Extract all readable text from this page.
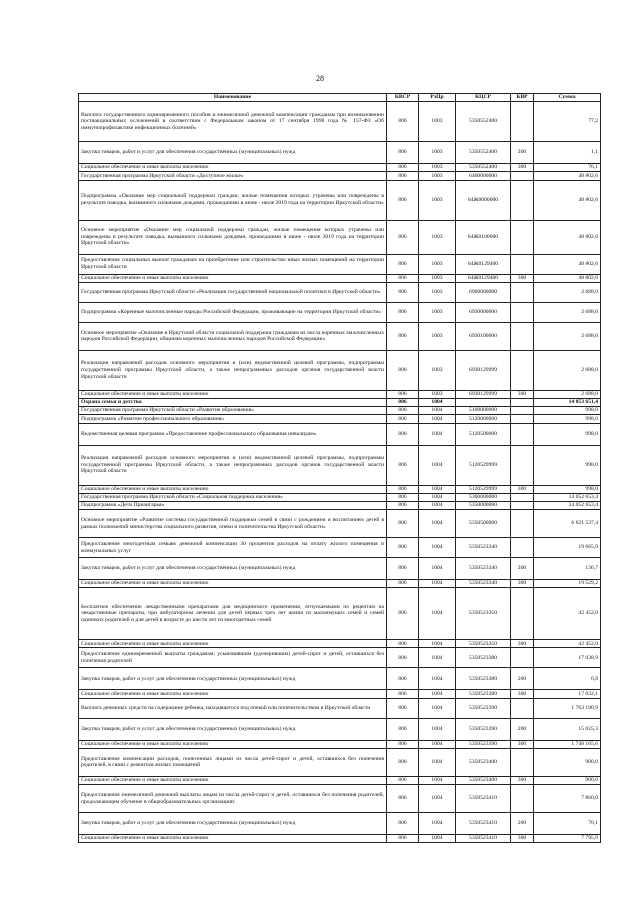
28
Наименование	КВСР	РзПр	КЦСР	КВР	Сумма
Выплата государственного единовременного пособия и ежемесячной денежной компенсации гражданам при возникновении поствакцинальных осложнений в соответствии с Федеральным законом от 17 сентября 1998 года № 157-ФЗ «Об иммунопрофилактике инфекционных болезней»	806	1003	5350552400		77,2
Закупка товаров, работ и услуг для обеспечения государственных (муниципальных) нужд	806	1003	5350552400	200	1,1
Социальное обеспечение и иные выплаты населению	806	1003	5350552400	300	76,1
Государственная программа Иркутской области «Доступное жилье»	806	1003	6400000000		48 802,6
Подпрограмма «Оказание мер социальной поддержки граждан, жилые помещения которых утрачены или повреждены в результате паводка, вызванного сильными дождями, прошедшими в июне - июле 2019 года на территории Иркутской области»	806	1003	64Ж0000000		48 802,6
Основное мероприятие «Оказание мер социальной поддержки граждан, жилые помещения которых утрачены или повреждены в результате паводка, вызванного сильными дождями, прошедшими в июне - июле 2019 года на территории Иркутской области»	806	1003	64Ж0100000		48 802,6
Предоставление социальных выплат гражданам на приобретение или строительство иных жилых помещений на территории Иркутской области	806	1003	64Ж0129400		48 802,6
Социальное обеспечение и иные выплаты населению	806	1003	64Ж0129400	300	48 802,6
Государственная программа Иркутской области «Реализация государственной национальной политики в Иркутской области»	806	1003	6900000000		2 688,0
Подпрограмма «Коренные малочисленные народы Российской Федерации, проживающие на территории Иркутской области»	806	1003	6930000000		2 688,0
Основное мероприятие «Оказание в Иркутской области социальной поддержки гражданам из числа коренных малочисленных народов Российской Федерации, общинам коренных малочисленных народов Российской Федерации»	806	1003	6930100000		2 688,0
Реализация направлений расходов основного мероприятия и (или) ведомственной целевой программы, подпрограммы государственной программы Иркутской области, а также непрограммных расходов органов государственной власти Иркутской области	806	1003	6930129999		2 688,0
Социальное обеспечение и иные выплаты населению	806	1003	6930129999	300	2 688,0
Охрана семьи и детства	806	1004			14 053 651,4
Государственная программа Иркутской области «Развитие образования»	806	1004	5100000000		998,0
Подпрограмма «Развитие профессионального образования»	806	1004	5120000000		998,0
Ведомственная целевая программа «Предоставление профессионального образования инвалидам»	806	1004	5120500000		998,0
Реализация направлений расходов основного мероприятия и (или) ведомственной целевой программы, подпрограммы государственной программы Иркутской области, а также непрограммных расходов органов государственной власти Иркутской области	806	1004	5120529999		998,0
Социальное обеспечение и иные выплаты населению	806	1004	5120529999	300	998,0
Государственная программа Иркутской области «Социальная поддержка населения»	806	1004	5300000000		14 052 653,4
Подпрограмма «Дети Приангарья»	806	1004	5350000000		14 052 653,4
Основное мероприятие «Развитие системы государственной поддержки семей в связи с рождением и воспитанием детей в рамках полномочий министерства социального развития, опеки и попечительства Иркутской области»	806	1004	5350500000		6 621 537,4
Предоставление многодетным семьям денежной компенсации 30 процентов расходов на оплату жилого помещения и коммунальных услуг	806	1004	5350523340		19 665,9
Закупка товаров, работ и услуг для обеспечения государственных (муниципальных) нужд	806	1004	5350523340	200	136,7
Социальное обеспечение и иные выплаты населению	806	1004	5350523340	300	19 529,2
Бесплатное обеспечение лекарственными препаратами для медицинского применения, отпускаемыми по рецептам на лекарственные препараты, при амбулаторном лечении для детей первых трех лет жизни из малоимущих семей и семей одиноких родителей и для детей в возрасте до шести лет из многодетных семей	806	1004	5350523350		42 452,0
Социальное обеспечение и иные выплаты населению	806	1004	5350523350	300	42 452,0
Предоставление единовременной выплаты гражданам, усыновившим (удочерившим) детей-сирот и детей, оставшихся без попечения родителей	806	1004	5350523380		17 038,9
Закупка товаров, работ и услуг для обеспечения государственных (муниципальных) нужд	806	1004	5350523380	200	6,8
Социальное обеспечение и иные выплаты населению	806	1004	5350523380	300	17 032,1
Выплата денежных средств на содержание ребенка, находящегося под опекой или попечительством в Иркутской области	806	1004	5350523390		1 763 190,9
Закупка товаров, работ и услуг для обеспечения государственных (муниципальных) нужд	806	1004	5350523390	200	15 025,3
Социальное обеспечение и иные выплаты населению	806	1004	5350523390	300	1 748 165,6
Предоставление компенсации расходов, понесенных лицами из числа детей-сирот и детей, оставшихся без попечения родителей, в связи с ремонтом жилых помещений	806	1004	5350523400		900,0
Социальное обеспечение и иные выплаты населению	806	1004	5350523400	300	900,0
Предоставление ежемесячной денежной выплаты лицам из числа детей-сирот и детей, оставшихся без попечения родителей, продолжающим обучение в общеобразовательных организациях	806	1004	5350523410		7 860,0
Закупка товаров, работ и услуг для обеспечения государственных (муниципальных) нужд	806	1004	5350523410	200	70,1
Социальное обеспечение и иные выплаты населению	806	1004	5350523410	300	7 795,9
